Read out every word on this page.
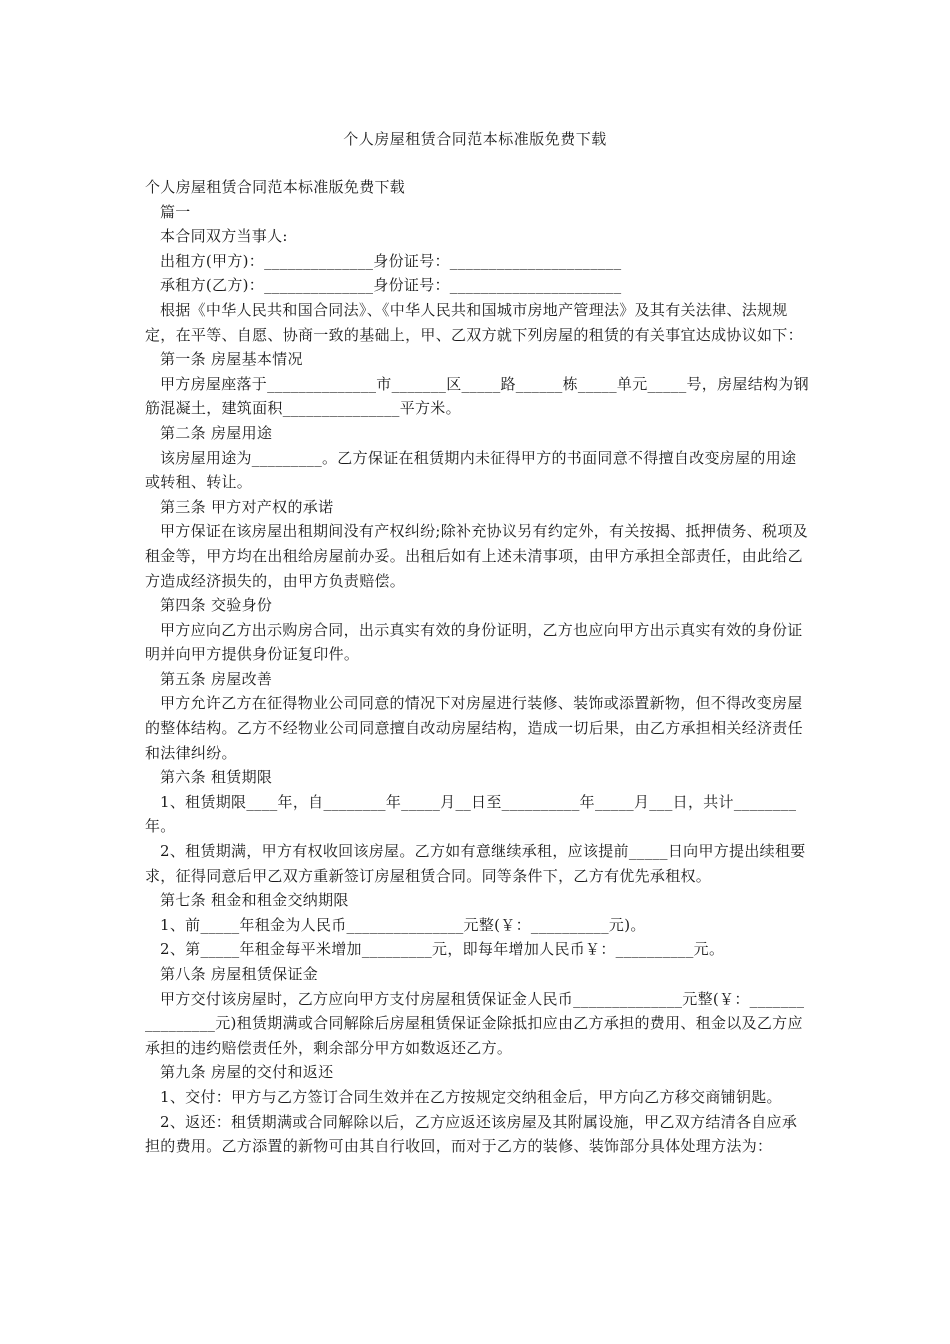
个人房屋租赁合同范本标准版免费下载

个人房屋租赁合同范本标准版免费下载

篇一

本合同双方当事人:

出租方(甲方)：______________身份证号：______________________

承租方(乙方)：______________身份证号：______________________

根据《中华人民共和国合同法》、《中华人民共和国城市房地产管理法》及其有关法律、法规规定，在平等、自愿、协商一致的基础上，甲、乙双方就下列房屋的租赁的有关事宜达成协议如下：

第一条 房屋基本情况

甲方房屋座落于______________市_______区_____路______栋_____单元_____号，房屋结构为钢筋混凝土，建筑面积_______________平方米。

第二条 房屋用途

该房屋用途为_________。乙方保证在租赁期内未征得甲方的书面同意不得擅自改变房屋的用途或转租、转让。

第三条 甲方对产权的承诺

甲方保证在该房屋出租期间没有产权纠纷;除补充协议另有约定外，有关按揭、抵押债务、税项及租金等，甲方均在出租给房屋前办妥。出租后如有上述未清事项，由甲方承担全部责任，由此给乙方造成经济损失的，由甲方负责赔偿。

第四条 交验身份

甲方应向乙方出示购房合同，出示真实有效的身份证明，乙方也应向甲方出示真实有效的身份证明并向甲方提供身份证复印件。

第五条 房屋改善

甲方允许乙方在征得物业公司同意的情况下对房屋进行装修、装饰或添置新物，但不得改变房屋的整体结构。乙方不经物业公司同意擅自改动房屋结构，造成一切后果，由乙方承担相关经济责任和法律纠纷。

第六条 租赁期限

1、租赁期限____年，自________年_____月__日至__________年_____月___日，共计________年。

2、租赁期满，甲方有权收回该房屋。乙方如有意继续承租，应该提前_____日向甲方提出续租要求，征得同意后甲乙双方重新签订房屋租赁合同。同等条件下，乙方有优先承租权。

第七条 租金和租金交纳期限

1、前_____年租金为人民币_______________元整(￥：__________元)。

2、第_____年租金每平米增加_________元，即每年增加人民币￥：__________元。

第八条 房屋租赁保证金

甲方交付该房屋时，乙方应向甲方支付房屋租赁保证金人民币______________元整(￥：________________元)租赁期满或合同解除后房屋租赁保证金除抵扣应由乙方承担的费用、租金以及乙方应承担的违约赔偿责任外，剩余部分甲方如数返还乙方。

第九条 房屋的交付和返还

1、交付：甲方与乙方签订合同生效并在乙方按规定交纳租金后，甲方向乙方移交商铺钥匙。

2、返还：租赁期满或合同解除以后，乙方应返还该房屋及其附属设施，甲乙双方结清各自应承担的费用。乙方添置的新物可由其自行收回，而对于乙方的装修、装饰部分具体处理方法为：
